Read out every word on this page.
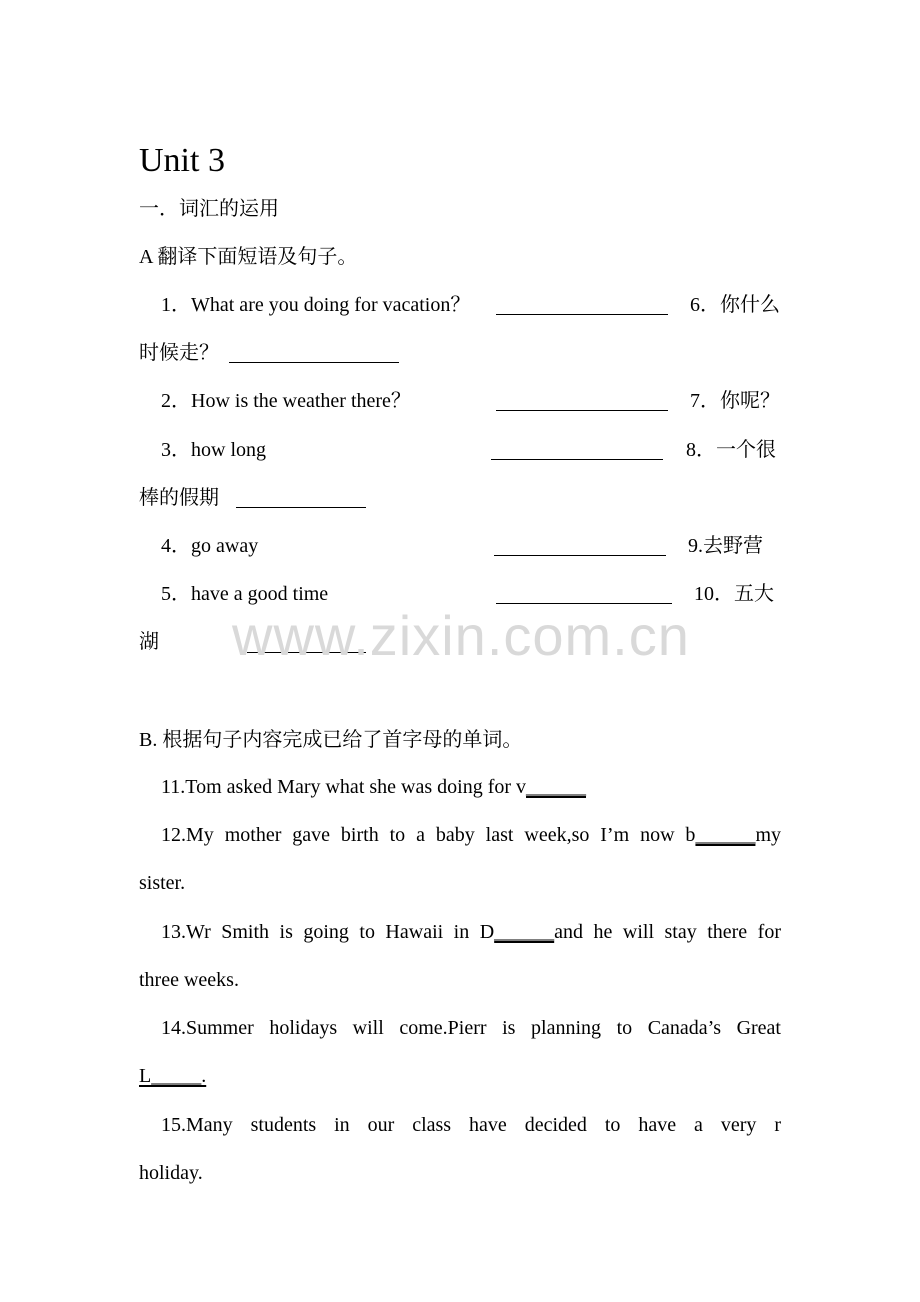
Unit 3
一．词汇的运用
A 翻译下面短语及句子。
1．What are you doing for vacation？	6．你什么
时候走？
2．How is the weather there？	7．你呢？
3．how long	8．一个很
棒的假期
4．go away	9.去野营
5．have a good time	10．五大
湖
B. 根据句子内容完成已给了首字母的单词。
11.Tom asked Mary what she was doing for v______
12.My mother gave birth to a baby last week,so I’m now b______my
sister.
13.Wr Smith is going to Hawaii in D______and he will stay there for
three weeks.
14.Summer holidays will come.Pierr is planning to Canada’s Great
L_____.
15.Many students in our class have decided to have a very r
holiday.
www.zixin.com.cn
